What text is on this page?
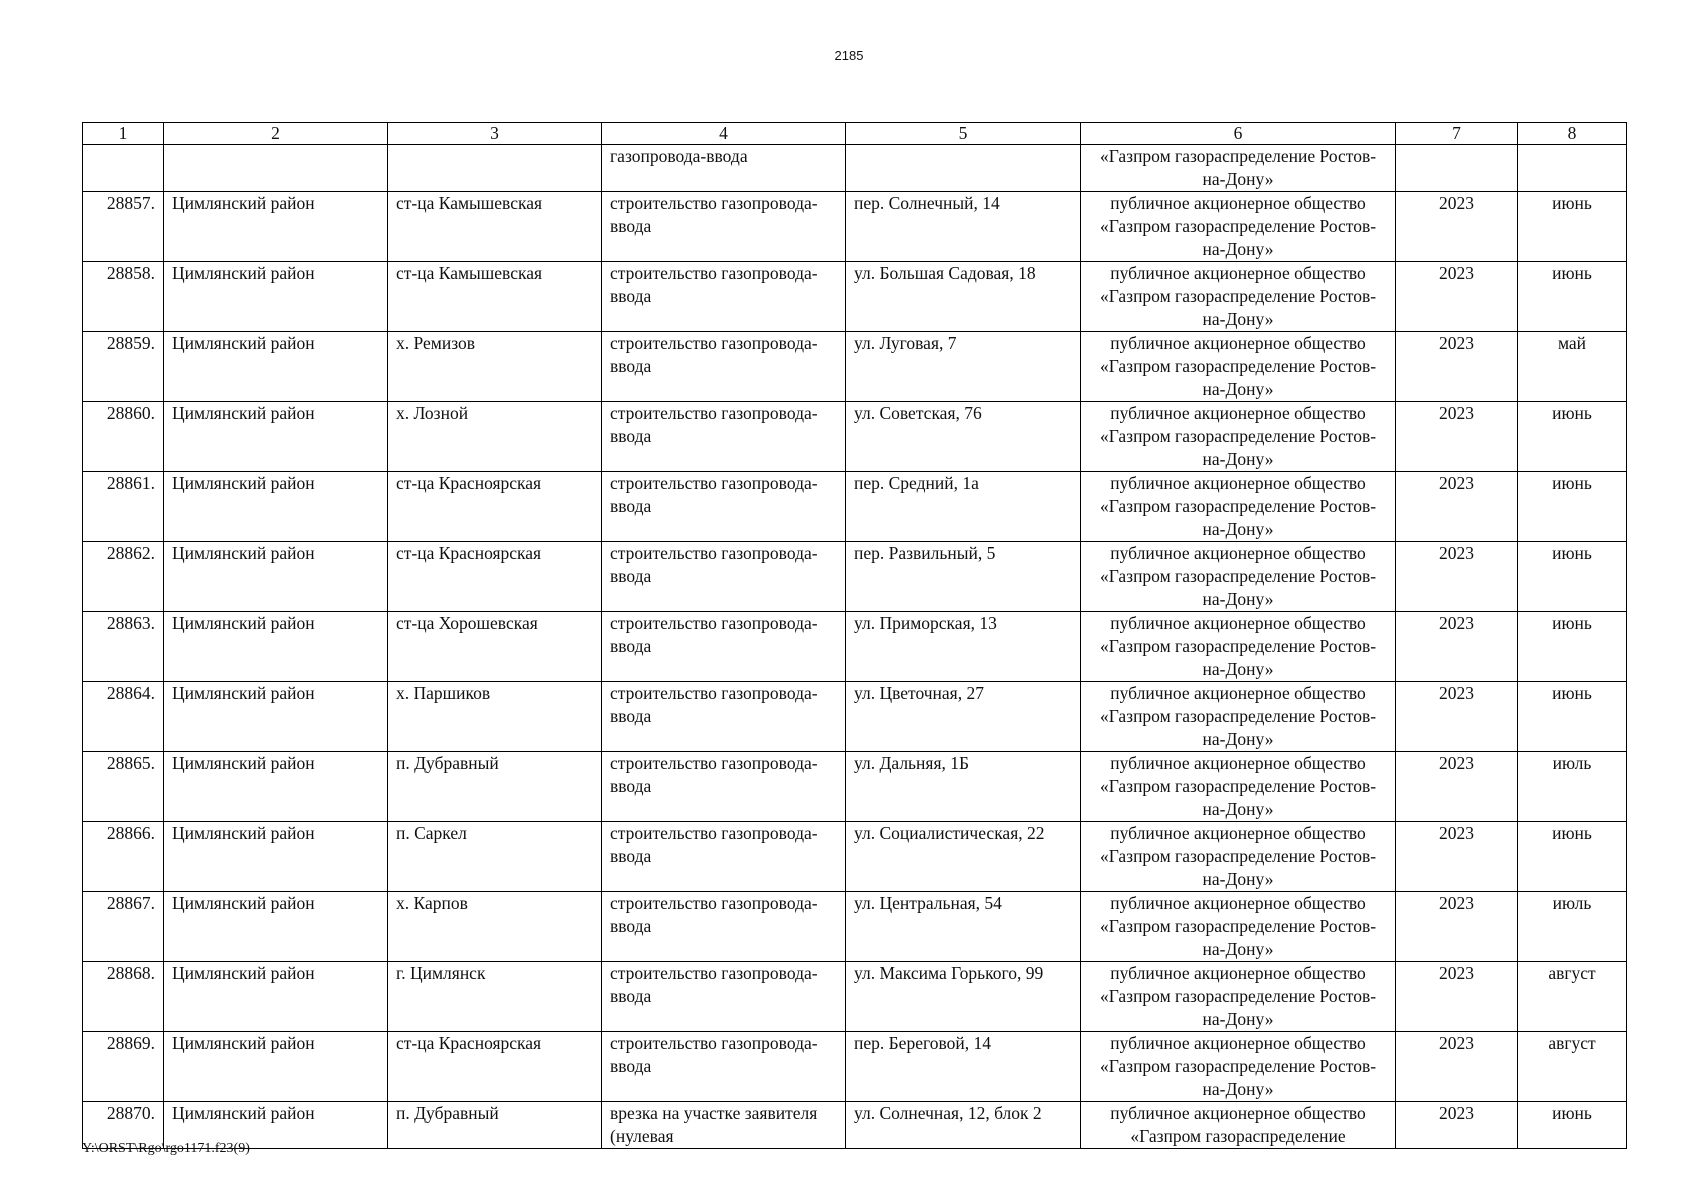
2185
1	2	3	4	5	6	7	8
			газопровода-ввода		«Газпром газораспределение Ростов-на-Дону»		
28857.	Цимлянский район	ст-ца Камышевская	строительство газопровода-ввода	пер. Солнечный, 14	публичное акционерное общество «Газпром газораспределение Ростов-на-Дону»	2023	июнь
28858.	Цимлянский район	ст-ца Камышевская	строительство газопровода-ввода	ул. Большая Садовая, 18	публичное акционерное общество «Газпром газораспределение Ростов-на-Дону»	2023	июнь
28859.	Цимлянский район	х. Ремизов	строительство газопровода-ввода	ул. Луговая, 7	публичное акционерное общество «Газпром газораспределение Ростов-на-Дону»	2023	май
28860.	Цимлянский район	х. Лозной	строительство газопровода-ввода	ул. Советская, 76	публичное акционерное общество «Газпром газораспределение Ростов-на-Дону»	2023	июнь
28861.	Цимлянский район	ст-ца Красноярская	строительство газопровода-ввода	пер. Средний, 1а	публичное акционерное общество «Газпром газораспределение Ростов-на-Дону»	2023	июнь
28862.	Цимлянский район	ст-ца Красноярская	строительство газопровода-ввода	пер. Развильный, 5	публичное акционерное общество «Газпром газораспределение Ростов-на-Дону»	2023	июнь
28863.	Цимлянский район	ст-ца Хорошевская	строительство газопровода-ввода	ул. Приморская, 13	публичное акционерное общество «Газпром газораспределение Ростов-на-Дону»	2023	июнь
28864.	Цимлянский район	х. Паршиков	строительство газопровода-ввода	ул. Цветочная, 27	публичное акционерное общество «Газпром газораспределение Ростов-на-Дону»	2023	июнь
28865.	Цимлянский район	п. Дубравный	строительство газопровода-ввода	ул. Дальняя, 1Б	публичное акционерное общество «Газпром газораспределение Ростов-на-Дону»	2023	июль
28866.	Цимлянский район	п. Саркел	строительство газопровода-ввода	ул. Социалистическая, 22	публичное акционерное общество «Газпром газораспределение Ростов-на-Дону»	2023	июнь
28867.	Цимлянский район	х. Карпов	строительство газопровода-ввода	ул. Центральная, 54	публичное акционерное общество «Газпром газораспределение Ростов-на-Дону»	2023	июль
28868.	Цимлянский район	г. Цимлянск	строительство газопровода-ввода	ул. Максима Горького, 99	публичное акционерное общество «Газпром газораспределение Ростов-на-Дону»	2023	август
28869.	Цимлянский район	ст-ца Красноярская	строительство газопровода-ввода	пер. Береговой, 14	публичное акционерное общество «Газпром газораспределение Ростов-на-Дону»	2023	август
28870.	Цимлянский район	п. Дубравный	врезка на участке заявителя (нулевая	ул. Солнечная, 12, блок 2	публичное акционерное общество «Газпром газораспределение	2023	июнь
Y:\ORST\Rgo\rgo1171.f23(9)
